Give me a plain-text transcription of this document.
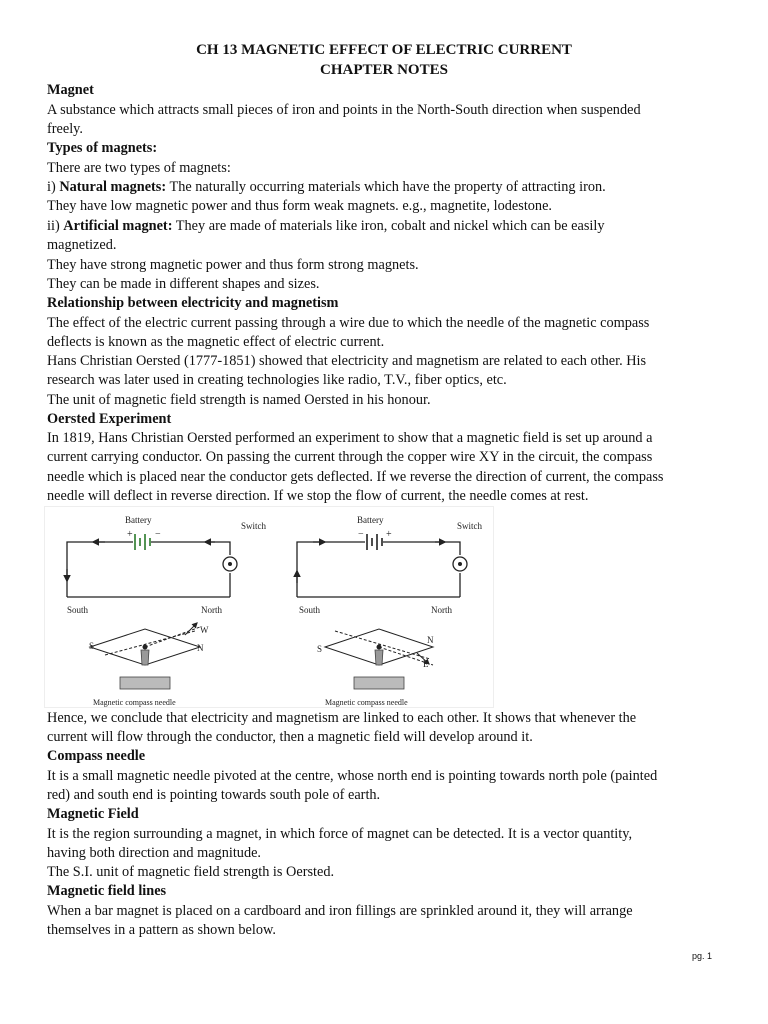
CH 13 MAGNETIC EFFECT OF ELECTRIC CURRENT
CHAPTER NOTES
Magnet
A substance which attracts small pieces of iron and points in the North-South direction when suspended
freely.
Types of magnets:
There are two types of magnets:
i) Natural magnets: The naturally occurring materials which have the property of attracting iron.
They have low magnetic power and thus form weak magnets. e.g., magnetite, lodestone.
ii) Artificial magnet: They are made of materials like iron, cobalt and nickel which can be easily
magnetized.
They have strong magnetic power and thus form strong magnets.
They can be made in different shapes and sizes.
Relationship between electricity and magnetism
The effect of the electric current passing through a wire due to which the needle of the magnetic compass
deflects is known as the magnetic effect of electric current.
Hans Christian Oersted (1777-1851) showed that electricity and magnetism are related to each other. His
research was later used in creating technologies like radio, T.V., fiber optics, etc.
The unit of magnetic field strength is named Oersted in his honour.
Oersted Experiment
In 1819, Hans Christian Oersted performed an experiment to show that a magnetic field is set up around a
current carrying conductor. On passing the current through the copper wire XY in the circuit, the compass
needle which is placed near the conductor gets deflected. If we reverse the direction of current, the compass
needle will deflect in reverse direction. If we stop the flow of current, the needle comes at rest.
Battery
+ −
Switch
South	North
S	N
W
Magnetic compass needle
Battery
− +
Switch
South	North
S
N
E
Magnetic compass needle
Hence, we conclude that electricity and magnetism are linked to each other. It shows that whenever the
current will flow through the conductor, then a magnetic field will develop around it.
Compass needle
It is a small magnetic needle pivoted at the centre, whose north end is pointing towards north pole (painted
red) and south end is pointing towards south pole of earth.
Magnetic Field
It is the region surrounding a magnet, in which force of magnet can be detected. It is a vector quantity,
having both direction and magnitude.
The S.I. unit of magnetic field strength is Oersted.
Magnetic field lines
When a bar magnet is placed on a cardboard and iron fillings are sprinkled around it, they will arrange
themselves in a pattern as shown below.
pg. 1
